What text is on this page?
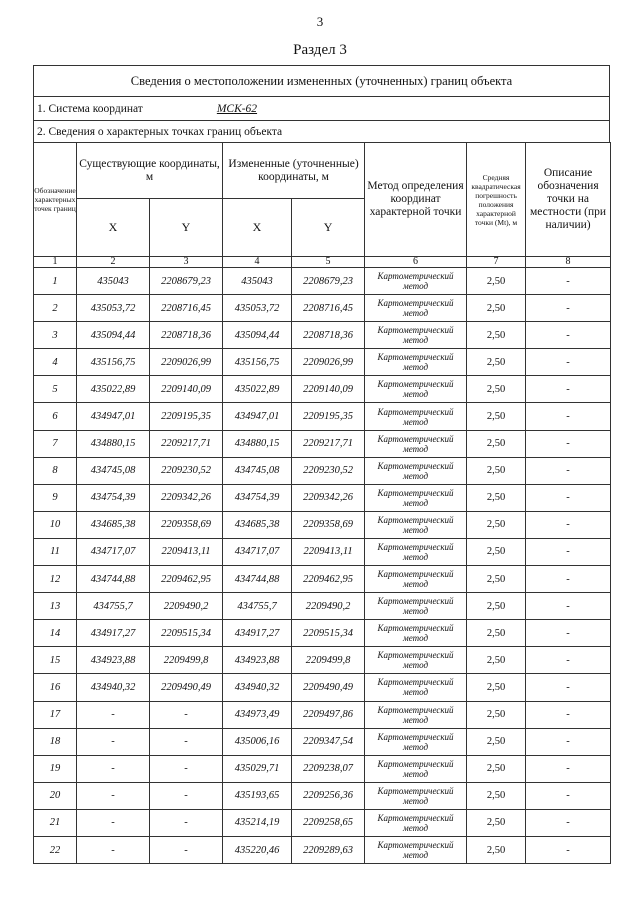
3
Раздел 3
Сведения о местоположении измененных (уточненных) границ объекта
1. Система координат	МСК-62
2. Сведения о характерных точках границ объекта
Обозначение характерных точек границ	Существующие координаты, м		Измененные (уточненные) координаты, м		Метод определения координат характерной точки	Средняя квадратическая погрешность положения характерной точки (Mt), м	Описание обозначения точки на местности (при наличии)
	X	Y	X	Y			
1	2	3	4	5	6	7	8
1	435043	2208679,23	435043	2208679,23	Картометрический метод	2,50	-
2	435053,72	2208716,45	435053,72	2208716,45	Картометрический метод	2,50	-
3	435094,44	2208718,36	435094,44	2208718,36	Картометрический метод	2,50	-
4	435156,75	2209026,99	435156,75	2209026,99	Картометрический метод	2,50	-
5	435022,89	2209140,09	435022,89	2209140,09	Картометрический метод	2,50	-
6	434947,01	2209195,35	434947,01	2209195,35	Картометрический метод	2,50	-
7	434880,15	2209217,71	434880,15	2209217,71	Картометрический метод	2,50	-
8	434745,08	2209230,52	434745,08	2209230,52	Картометрический метод	2,50	-
9	434754,39	2209342,26	434754,39	2209342,26	Картометрический метод	2,50	-
10	434685,38	2209358,69	434685,38	2209358,69	Картометрический метод	2,50	-
11	434717,07	2209413,11	434717,07	2209413,11	Картометрический метод	2,50	-
12	434744,88	2209462,95	434744,88	2209462,95	Картометрический метод	2,50	-
13	434755,7	2209490,2	434755,7	2209490,2	Картометрический метод	2,50	-
14	434917,27	2209515,34	434917,27	2209515,34	Картометрический метод	2,50	-
15	434923,88	2209499,8	434923,88	2209499,8	Картометрический метод	2,50	-
16	434940,32	2209490,49	434940,32	2209490,49	Картометрический метод	2,50	-
17	-	-	434973,49	2209497,86	Картометрический метод	2,50	-
18	-	-	435006,16	2209347,54	Картометрический метод	2,50	-
19	-	-	435029,71	2209238,07	Картометрический метод	2,50	-
20	-	-	435193,65	2209256,36	Картометрический метод	2,50	-
21	-	-	435214,19	2209258,65	Картометрический метод	2,50	-
22	-	-	435220,46	2209289,63	Картометрический метод	2,50	-
